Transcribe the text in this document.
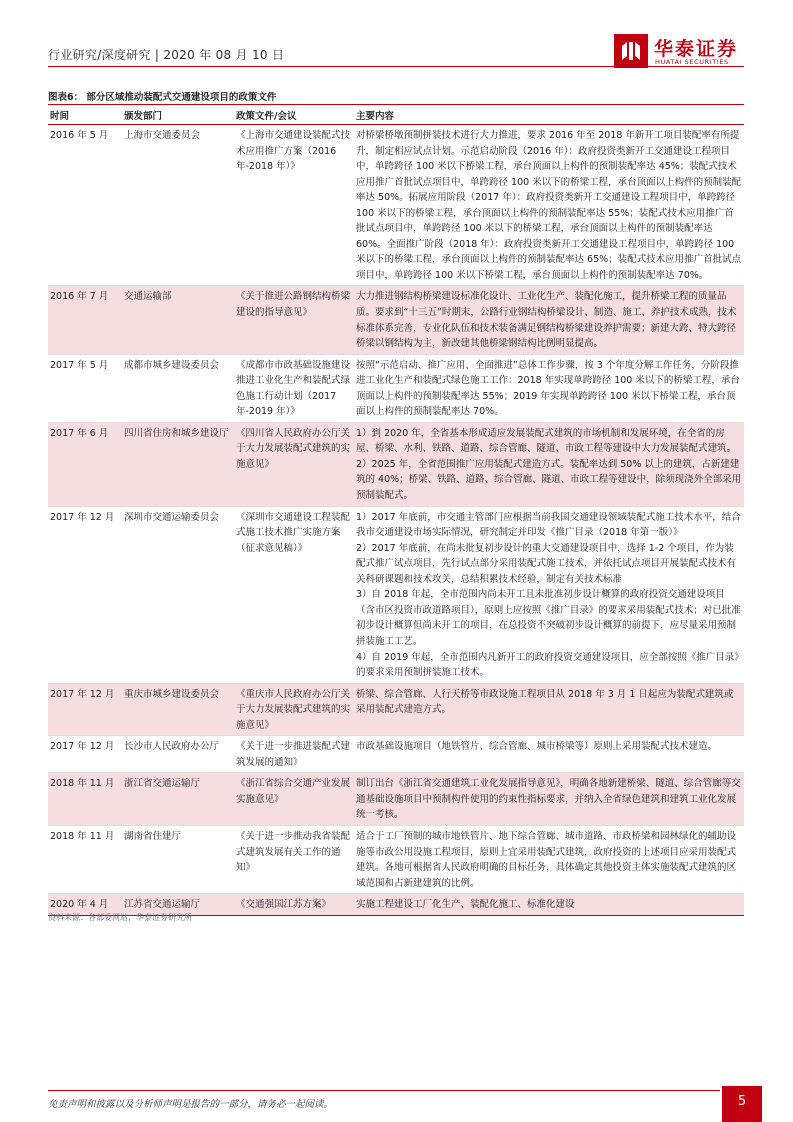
行业研究/深度研究 | 2020 年 08 月 10 日	华泰证券
HUATAI SECURITIES
图表6： 部分区域推动装配式交通建设项目的政策文件
时间	颁发部门	政策文件/会议	主要内容
2016 年 5 月	上海市交通委员会	《上海市交通建设装配式技术应用推广方案（2016 年-2018 年）》	对桥梁桥墩预制拼装技术进行大力推进，要求 2016 年至 2018 年新开工项目装配率有所提升，制定相应试点计划。示范启动阶段（2016 年）：政府投资类新开工交通建设工程项目中，单跨跨径 100 米以下桥梁工程，承台顶面以上构件的预制装配率达 45%；装配式技术应用推广首批试点项目中，单跨跨径 100 米以下的桥梁工程，承台顶面以上构件的预制装配率达 50%。拓展应用阶段（2017 年）：政府投资类新开工交通建设工程项目中，单跨跨径 100 米以下的桥梁工程，承台顶面以上构件的预制装配率达 55%；装配式技术应用推广首批试点项目中，单跨跨径 100 米以下的桥梁工程，承台顶面以上构件的预制装配率达 60%。全面推广阶段（2018 年）：政府投资类新开工交通建设工程项目中，单跨跨径 100 米以下的桥梁工程，承台顶面以上构件的预制装配率达 65%；装配式技术应用推广首批试点项目中，单跨跨径 100 米以下桥梁工程，承台顶面以上构件的预制装配率达 70%。

2016 年 7 月	交通运输部	《关于推进公路钢结构桥梁建设的指导意见》	大力推进钢结构桥梁建设标准化设计、工业化生产、装配化施工，提升桥梁工程的质量品质。要求到“十三五”时期末，公路行业钢结构桥梁设计、制造、施工、养护技术成熟，技术标准体系完善，专业化队伍和技术装备满足钢结构桥梁建设养护需要；新建大跨、特大跨径桥梁以钢结构为主，新改建其他桥梁钢结构比例明显提高。

2017 年 5 月	成都市城乡建设委员会	《成都市市政基础设施建设推进工业化生产和装配式绿色施工行动计划（2017 年-2019 年）》	按照“示范启动、推广应用、全面推进”总体工作步骤，按 3 个年度分解工作任务，分阶段推进工业化生产和装配式绿色施工工作：2018 年实现单跨跨径 100 米以下的桥梁工程，承台顶面以上构件的预制装配率达 55%；2019 年实现单跨跨径 100 米以下桥梁工程，承台顶面以上构件的预制装配率达 70%。

2017 年 6 月	四川省住房和城乡建设厅	《四川省人民政府办公厅关于大力发展装配式建筑的实施意见》	1）到 2020 年，全省基本形成适应发展装配式建筑的市场机制和发展环境，在全省的房屋、桥梁、水利、铁路、道路、综合管廊、隧道、市政工程等建设中大力发展装配式建筑。

2）2025 年，全省范围推广应用装配式建造方式。装配率达到 50% 以上的建筑，占新建建筑的 40%；桥梁、铁路、道路、综合管廊、隧道、市政工程等建设中，除须现浇外全部采用预制装配式。

2017 年 12 月	深圳市交通运输委员会	《深圳市交通建设工程装配式施工技术推广实施方案（征求意见稿）》	1）2017 年底前，市交通主管部门应根据当前我国交通建设领域装配式施工技术水平，结合我市交通建设市场实际情况，研究制定并印发《推广目录（2018 年第一版）》

2）2017 年底前，在尚未批复初步设计的重大交通建设项目中，选择 1-2 个项目，作为装配式推广试点项目，先行试点部分采用装配式施工技术，并依托试点项目开展装配式技术有关科研课题和技术攻关，总结积累技术经验，制定有关技术标准

3）自 2018 年起，全市范围内尚未开工且未批准初步设计概算的政府投资交通建设项目（含市区投资市政道路项目），原则上应按照《推广目录》的要求采用装配式技术；对已批准初步设计概算但尚未开工的项目，在总投资不突破初步设计概算的前提下，应尽量采用预制拼装施工工艺。

4）自 2019 年起，全市范围内凡新开工的政府投资交通建设项目，应全部按照《推广目录》的要求采用预制拼装施工技术。

2017 年 12 月	重庆市城乡建设委员会	《重庆市人民政府办公厅关于大力发展装配式建筑的实施意见》	桥梁、综合管廊、人行天桥等市政设施工程项目从 2018 年 3 月 1 日起应为装配式建筑或采用装配式建造方式。

2017 年 12 月	长沙市人民政府办公厅	《关于进一步推进装配式建筑发展的通知》	市政基础设施项目（地铁管片、综合管廊、城市桥梁等）原则上采用装配式技术建造。

2018 年 11 月	浙江省交通运输厅	《浙江省综合交通产业发展实施意见》	制订出台《浙江省交通建筑工业化发展指导意见》，明确各地新建桥梁、隧道、综合管廊等交通基础设施项目中预制构件使用的约束性指标要求，并纳入全省绿色建筑和建筑工业化发展统一考核。

2018 年 11 月	湖南省住建厅	《关于进一步推动我省装配式建筑发展有关工作的通知》	适合于工厂预制的城市地铁管片、地下综合管廊、城市道路、市政桥梁和园林绿化的辅助设施等市政公用设施工程项目，原则上宜采用装配式建筑，政府投资的上述项目应采用装配式建筑。各地可根据省人民政府明确的目标任务，具体确定其他投资主体实施装配式建筑的区域范围和占新建建筑的比例。

2020 年 4 月	江苏省交通运输厅	《交通强国江苏方案》	实施工程建设工厂化生产、装配化施工、标准化建设

资料来源：各部委网站，华泰证券研究所
免责声明和披露以及分析师声明是报告的一部分，请务必一起阅读。	5
